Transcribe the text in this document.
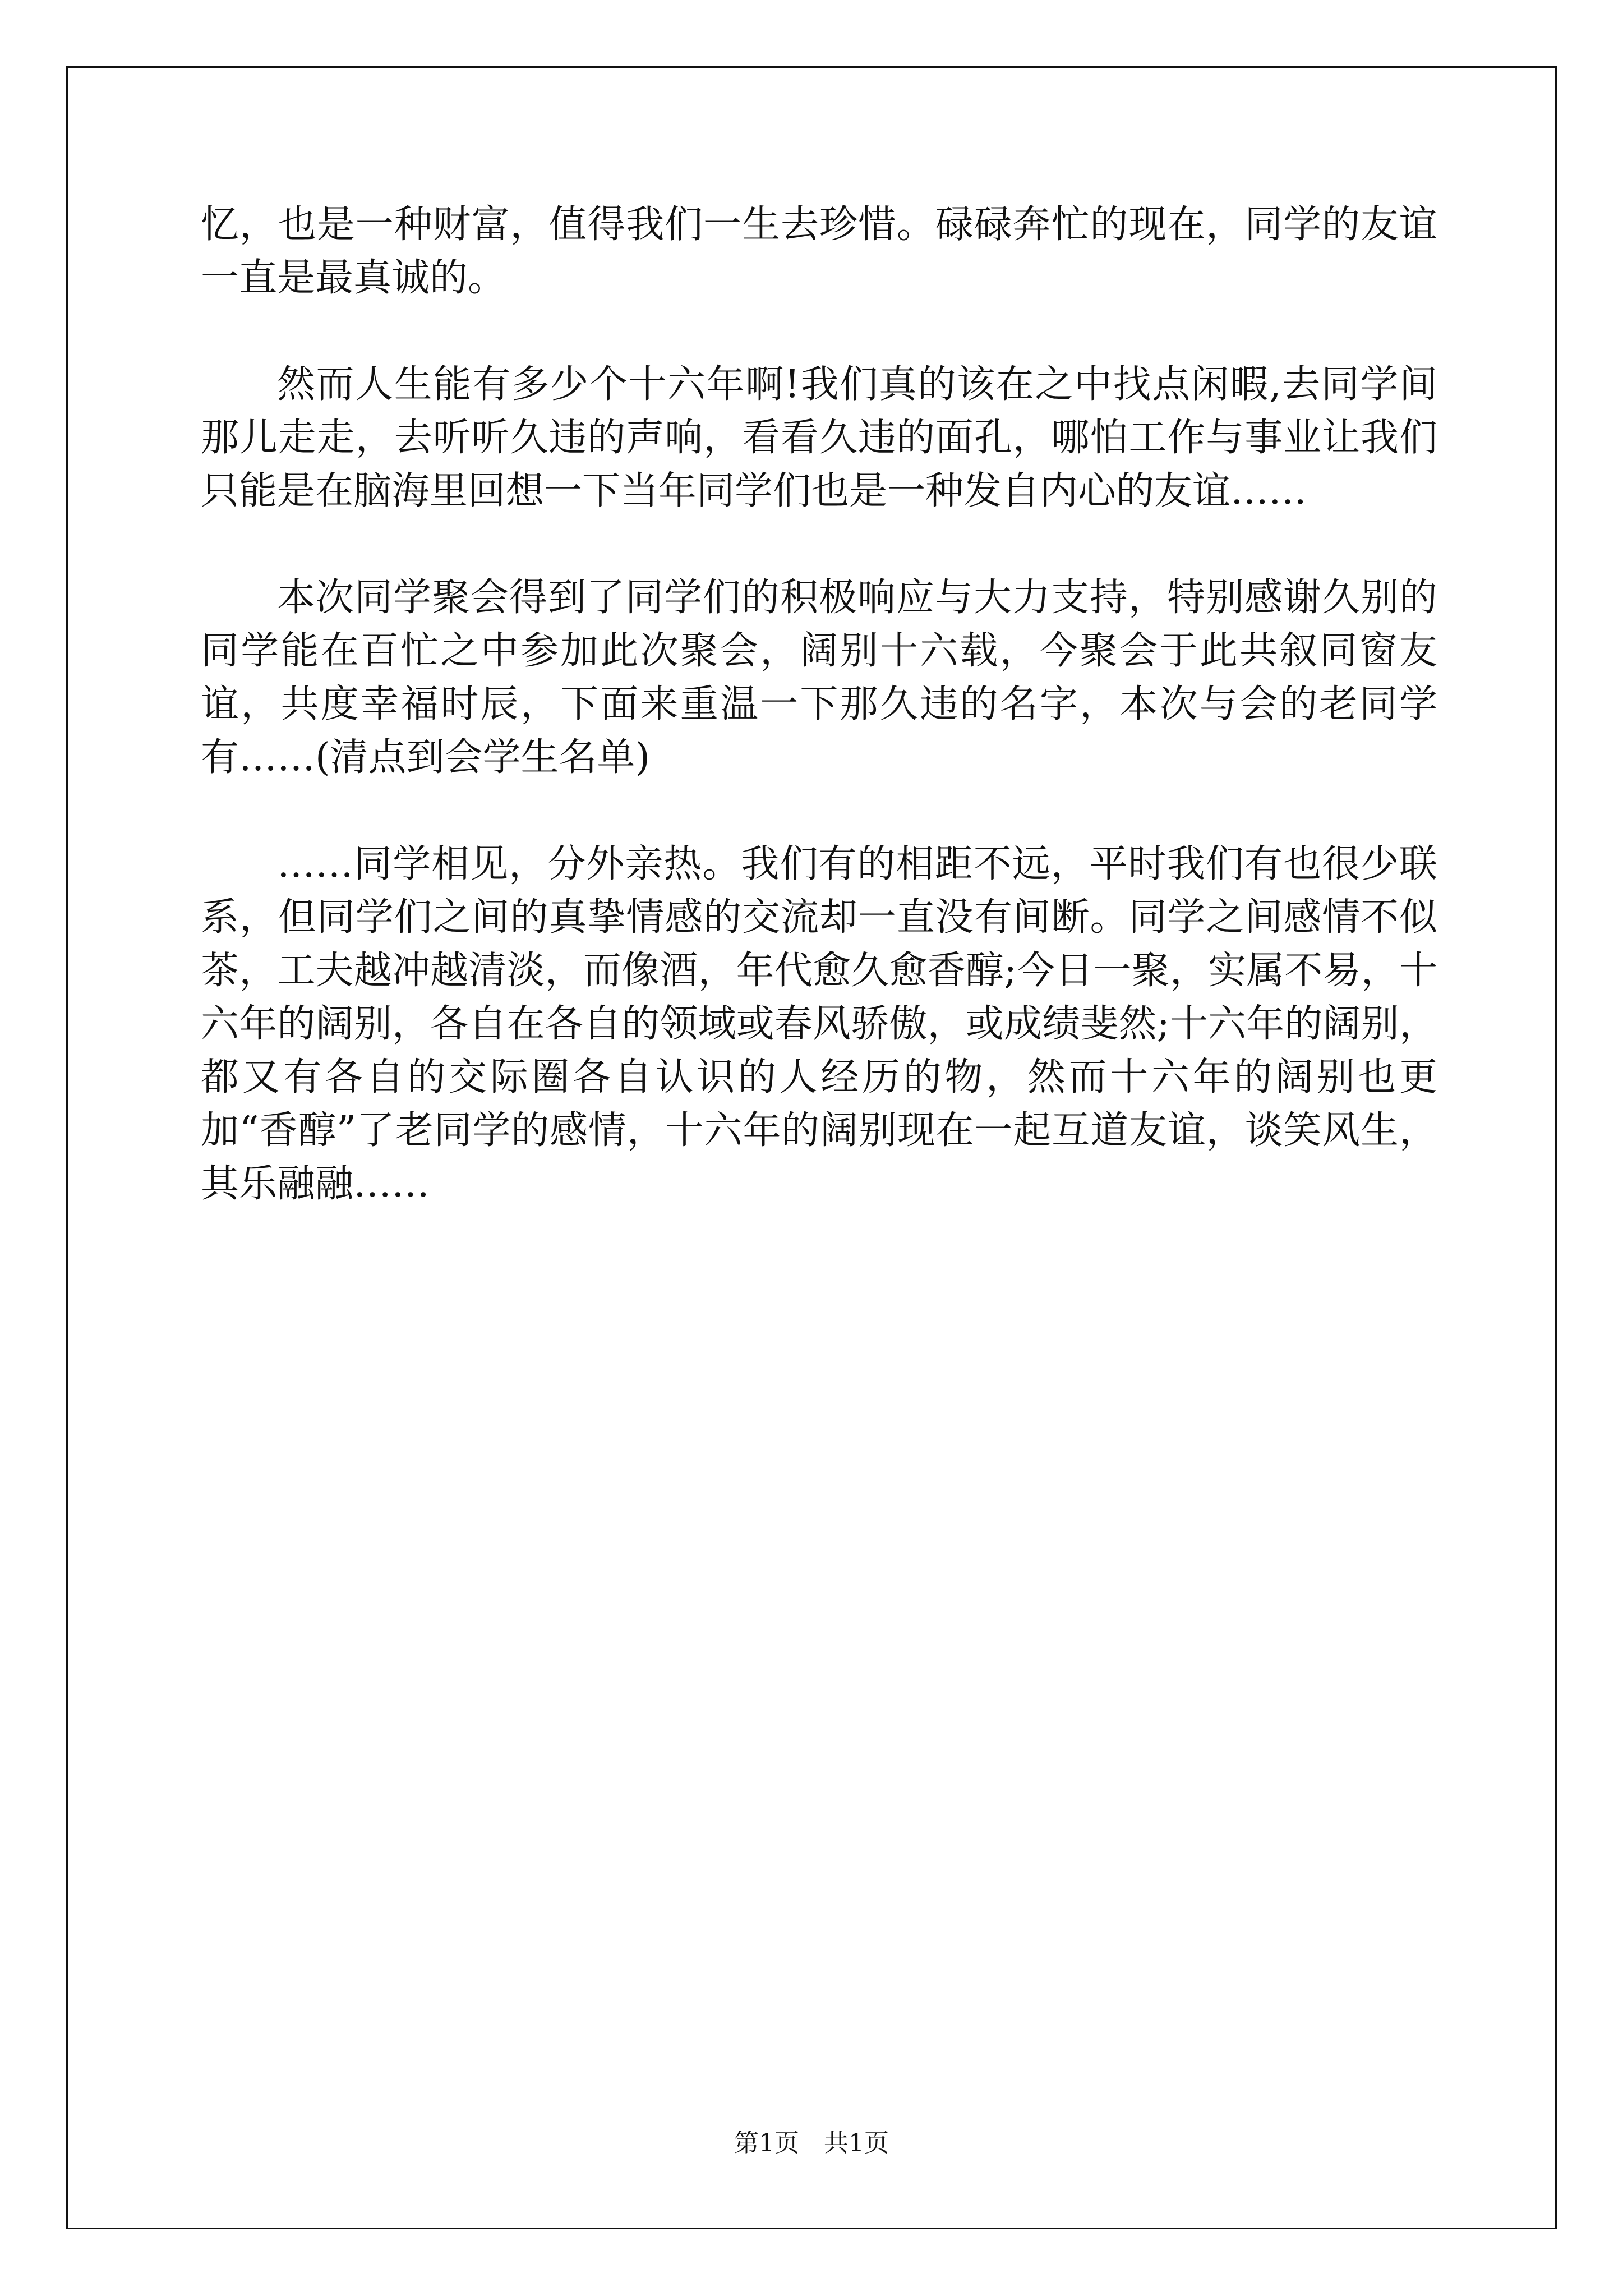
忆，也是一种财富，值得我们一生去珍惜。碌碌奔忙的现在，同学的友谊一直是最真诚的。

然而人生能有多少个十六年啊!我们真的该在之中找点闲暇,去同学间那儿走走，去听听久违的声响，看看久违的面孔，哪怕工作与事业让我们只能是在脑海里回想一下当年同学们也是一种发自内心的友谊……

本次同学聚会得到了同学们的积极响应与大力支持，特别感谢久别的同学能在百忙之中参加此次聚会，阔别十六载，今聚会于此共叙同窗友谊，共度幸福时辰，下面来重温一下那久违的名字，本次与会的老同学有……(清点到会学生名单)

……同学相见，分外亲热。我们有的相距不远，平时我们有也很少联系，但同学们之间的真挚情感的交流却一直没有间断。同学之间感情不似茶，工夫越冲越清淡，而像酒，年代愈久愈香醇;今日一聚，实属不易，十六年的阔别，各自在各自的领域或春风骄傲，或成绩斐然;十六年的阔别，都又有各自的交际圈各自认识的人经历的物，然而十六年的阔别也更加“香醇”了老同学的感情，十六年的阔别现在一起互道友谊，谈笑风生，其乐融融……

第1页 共1页
